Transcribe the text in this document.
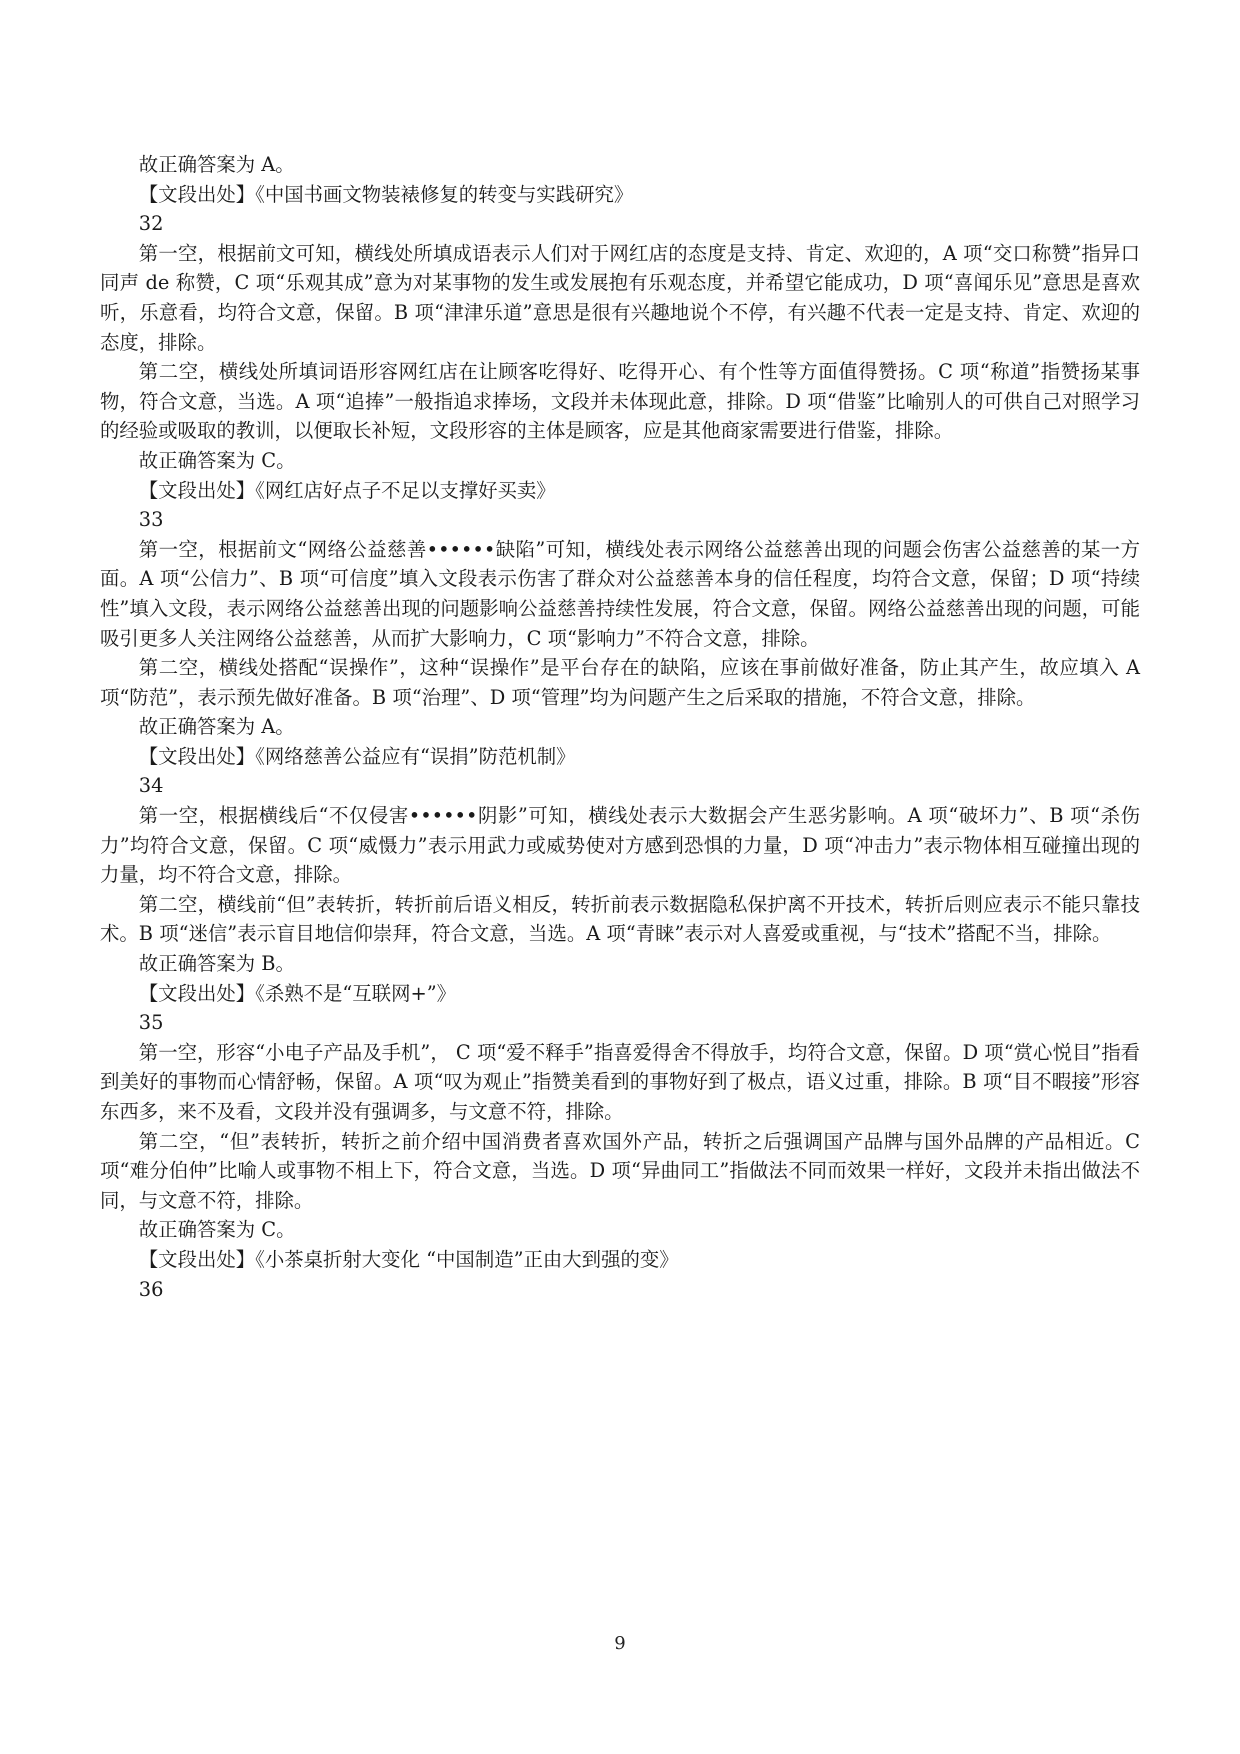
故正确答案为 A。

【文段出处】《中国书画文物装裱修复的转变与实践研究》

32

第一空，根据前文可知，横线处所填成语表示人们对于网红店的态度是支持、肯定、欢迎的，A 项“交口称赞”指异口同声 de 称赞，C 项“乐观其成”意为对某事物的发生或发展抱有乐观态度，并希望它能成功，D 项“喜闻乐见”意思是喜欢听，乐意看，均符合文意，保留。B 项“津津乐道”意思是很有兴趣地说个不停，有兴趣不代表一定是支持、肯定、欢迎的态度，排除。

第二空，横线处所填词语形容网红店在让顾客吃得好、吃得开心、有个性等方面值得赞扬。C 项“称道”指赞扬某事物，符合文意，当选。A 项“追捧”一般指追求捧场，文段并未体现此意，排除。D 项“借鉴”比喻别人的可供自己对照学习的经验或吸取的教训，以便取长补短，文段形容的主体是顾客，应是其他商家需要进行借鉴，排除。

故正确答案为 C。

【文段出处】《网红店好点子不足以支撑好买卖》

33

第一空，根据前文“网络公益慈善••••••缺陷”可知，横线处表示网络公益慈善出现的问题会伤害公益慈善的某一方面。A 项“公信力”、B 项“可信度”填入文段表示伤害了群众对公益慈善本身的信任程度，均符合文意，保留；D 项“持续性”填入文段，表示网络公益慈善出现的问题影响公益慈善持续性发展，符合文意，保留。网络公益慈善出现的问题，可能吸引更多人关注网络公益慈善，从而扩大影响力，C 项“影响力”不符合文意，排除。

第二空，横线处搭配“误操作”，这种“误操作”是平台存在的缺陷，应该在事前做好准备，防止其产生，故应填入 A 项“防范”，表示预先做好准备。B 项“治理”、D 项“管理”均为问题产生之后采取的措施，不符合文意，排除。

故正确答案为 A。

【文段出处】《网络慈善公益应有“误捐”防范机制》

34

第一空，根据横线后“不仅侵害••••••阴影”可知，横线处表示大数据会产生恶劣影响。A 项“破坏力”、B 项“杀伤力”均符合文意，保留。C 项“威慑力”表示用武力或威势使对方感到恐惧的力量，D 项“冲击力”表示物体相互碰撞出现的力量，均不符合文意，排除。

第二空，横线前“但”表转折，转折前后语义相反，转折前表示数据隐私保护离不开技术，转折后则应表示不能只靠技术。B 项“迷信”表示盲目地信仰崇拜，符合文意，当选。A 项“青睐”表示对人喜爱或重视，与“技术”搭配不当，排除。

故正确答案为 B。

【文段出处】《杀熟不是“互联网+”》

35

第一空，形容“小电子产品及手机”， C 项“爱不释手”指喜爱得舍不得放手，均符合文意，保留。D 项“赏心悦目”指看到美好的事物而心情舒畅，保留。A 项“叹为观止”指赞美看到的事物好到了极点，语义过重，排除。B 项“目不暇接”形容东西多，来不及看，文段并没有强调多，与文意不符，排除。

第二空，“但”表转折，转折之前介绍中国消费者喜欢国外产品，转折之后强调国产品牌与国外品牌的产品相近。C 项“难分伯仲”比喻人或事物不相上下，符合文意，当选。D 项“异曲同工”指做法不同而效果一样好，文段并未指出做法不同，与文意不符，排除。

故正确答案为 C。

【文段出处】《小茶桌折射大变化 “中国制造”正由大到强的变》

36

9
